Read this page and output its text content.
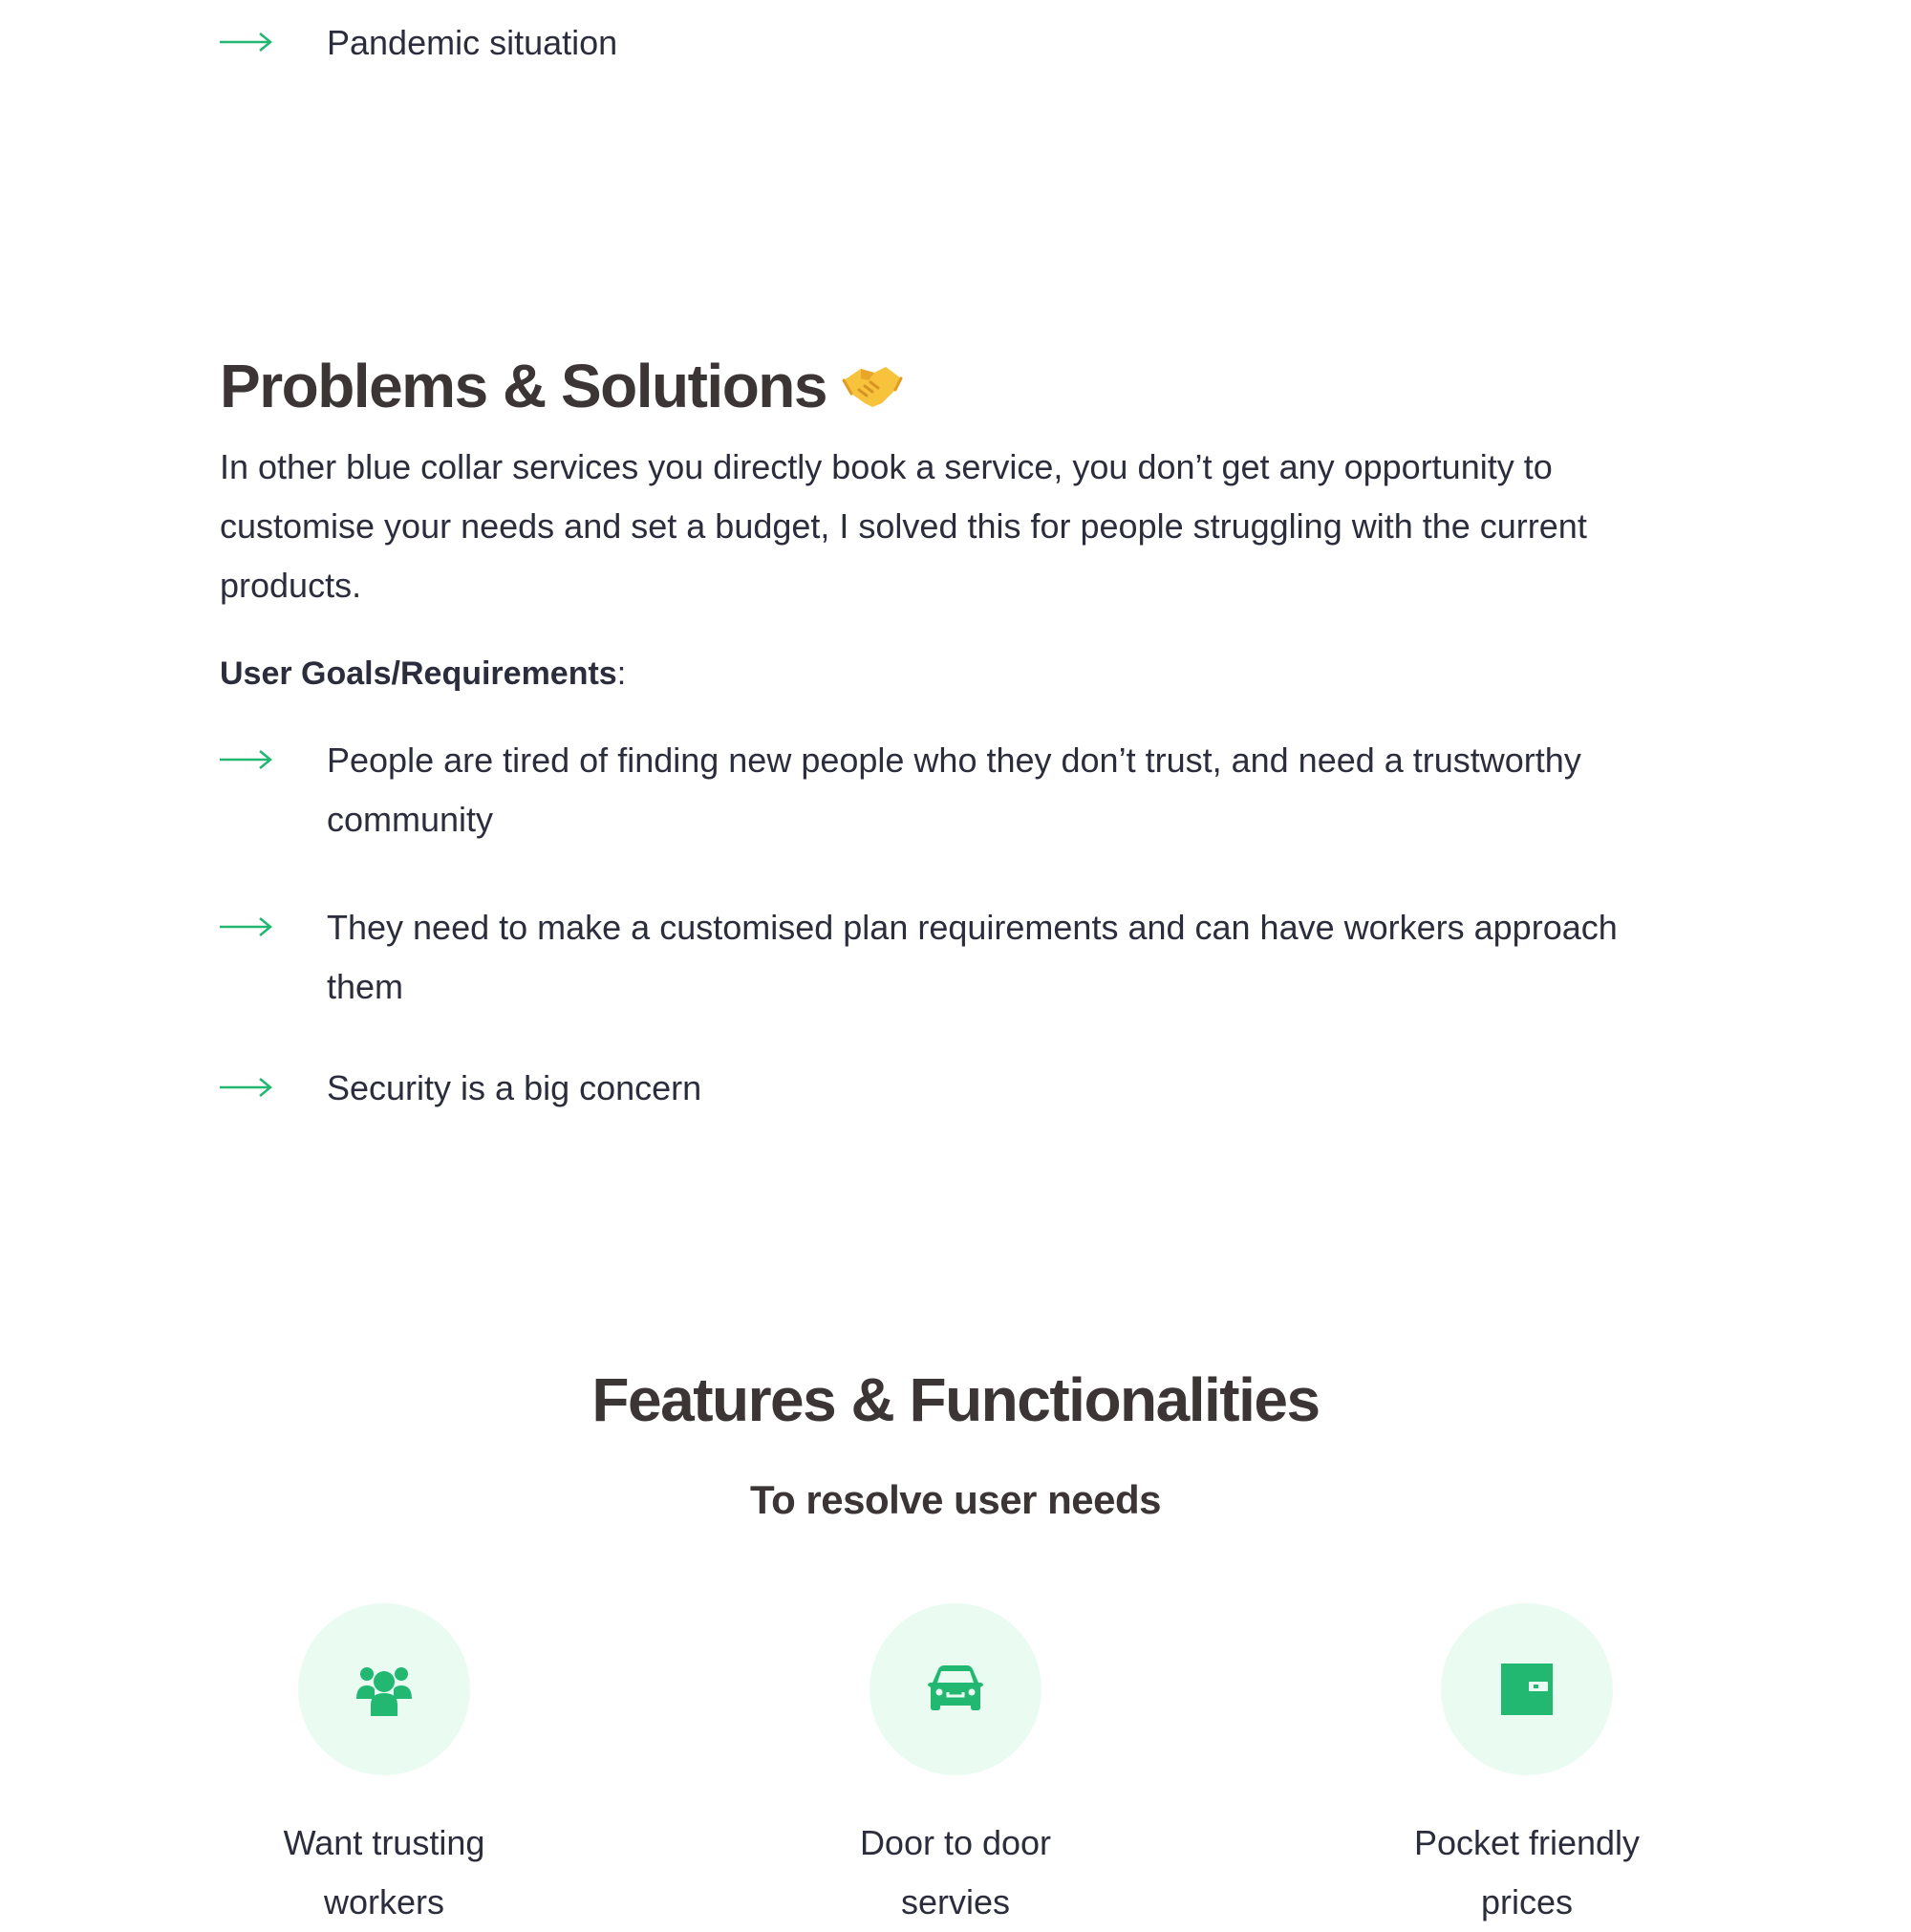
Pandemic situation
Problems & Solutions

In other blue collar services you directly book a service, you don’t get any opportunity to customise your needs and set a budget, I solved this for people struggling with the current products.

User Goals/Requirements:
People are tired of finding new people who they don’t trust, and need a trustworthy community
They need to make a customised plan requirements and can have workers approach them
Security is a big concern
Features & Functionalities
To resolve user needs
Want trusting
workers
Door to door
servies
Pocket friendly
prices
